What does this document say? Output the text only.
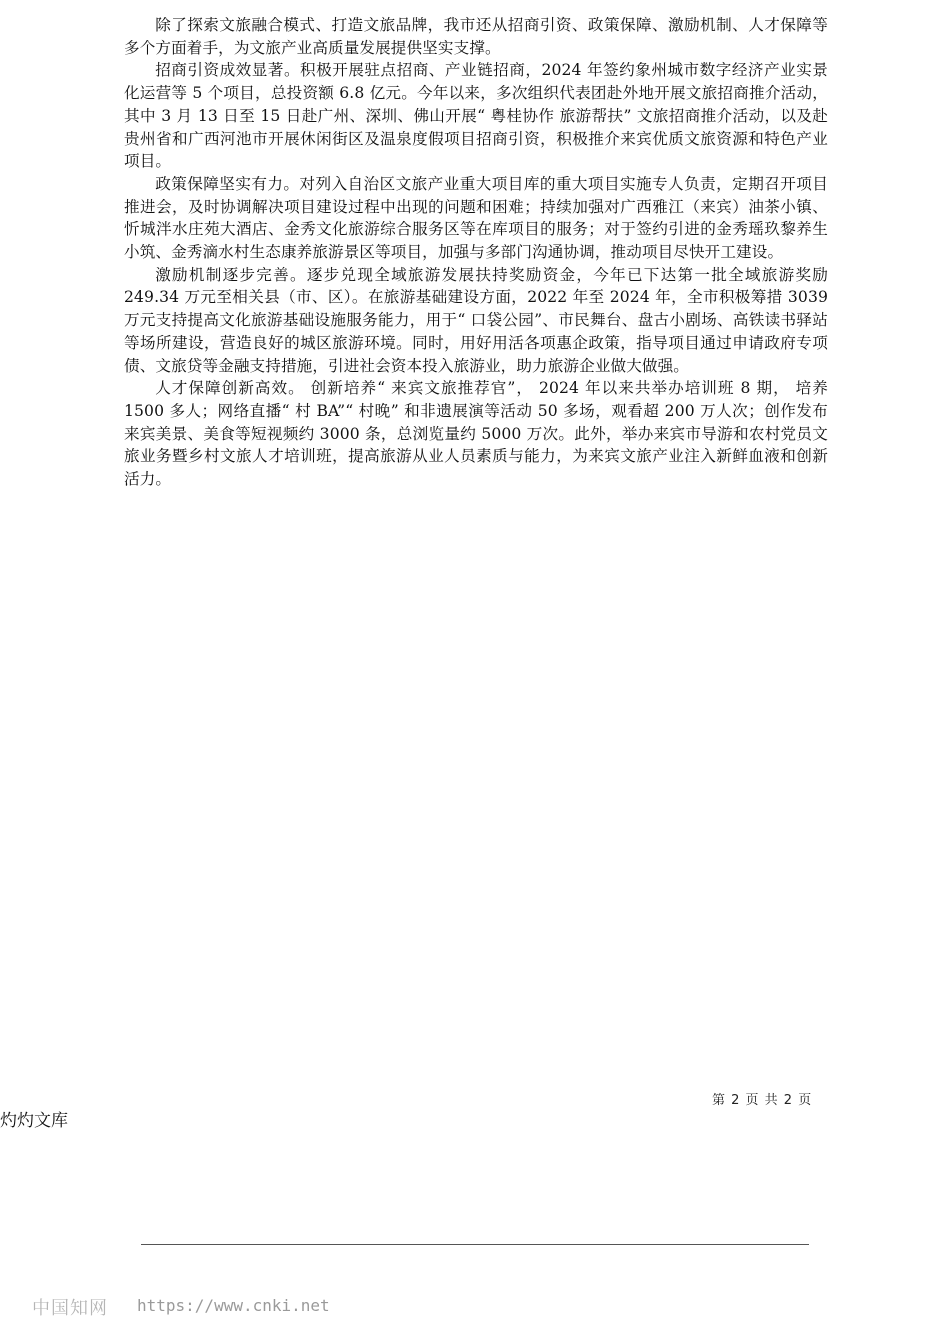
除了探索文旅融合模式、打造文旅品牌，我市还从招商引资、政策保障、激励机制、人才保障等多个方面着手，为文旅产业高质量发展提供坚实支撑。

招商引资成效显著。积极开展驻点招商、产业链招商，2024 年签约象州城市数字经济产业实景化运营等 5 个项目，总投资额 6.8 亿元。今年以来，多次组织代表团赴外地开展文旅招商推介活动，其中 3 月 13 日至 15 日赴广州、深圳、佛山开展“ 粤桂协作 旅游帮扶” 文旅招商推介活动，以及赴贵州省和广西河池市开展休闲街区及温泉度假项目招商引资，积极推介来宾优质文旅资源和特色产业项目。

政策保障坚实有力。对列入自治区文旅产业重大项目库的重大项目实施专人负责，定期召开项目推进会，及时协调解决项目建设过程中出现的问题和困难；持续加强对广西雅江（来宾）油茶小镇、忻城泮水庄苑大酒店、金秀文化旅游综合服务区等在库项目的服务；对于签约引进的金秀瑶玖黎养生小筑、金秀滴水村生态康养旅游景区等项目，加强与多部门沟通协调，推动项目尽快开工建设。

激励机制逐步完善。逐步兑现全域旅游发展扶持奖励资金，今年已下达第一批全域旅游奖励 249.34 万元至相关县（市、区）。在旅游基础建设方面，2022 年至 2024 年，全市积极筹措 3039 万元支持提高文化旅游基础设施服务能力，用于“ 口袋公园”、市民舞台、盘古小剧场、高铁读书驿站等场所建设，营造良好的城区旅游环境。同时，用好用活各项惠企政策，指导项目通过申请政府专项债、文旅贷等金融支持措施，引进社会资本投入旅游业，助力旅游企业做大做强。

人才保障创新高效。 创新培养“ 来宾文旅推荐官”， 2024 年以来共举办培训班 8 期， 培养 1500 多人；网络直播“ 村 BA”“ 村晚” 和非遗展演等活动 50 多场，观看超 200 万人次；创作发布来宾美景、美食等短视频约 3000 条，总浏览量约 5000 万次。此外，举办来宾市导游和农村党员文旅业务暨乡村文旅人才培训班，提高旅游从业人员素质与能力，为来宾文旅产业注入新鲜血液和创新活力。

第 2 页 共 2 页
灼灼文库
中国知网 https://www.cnki.net
